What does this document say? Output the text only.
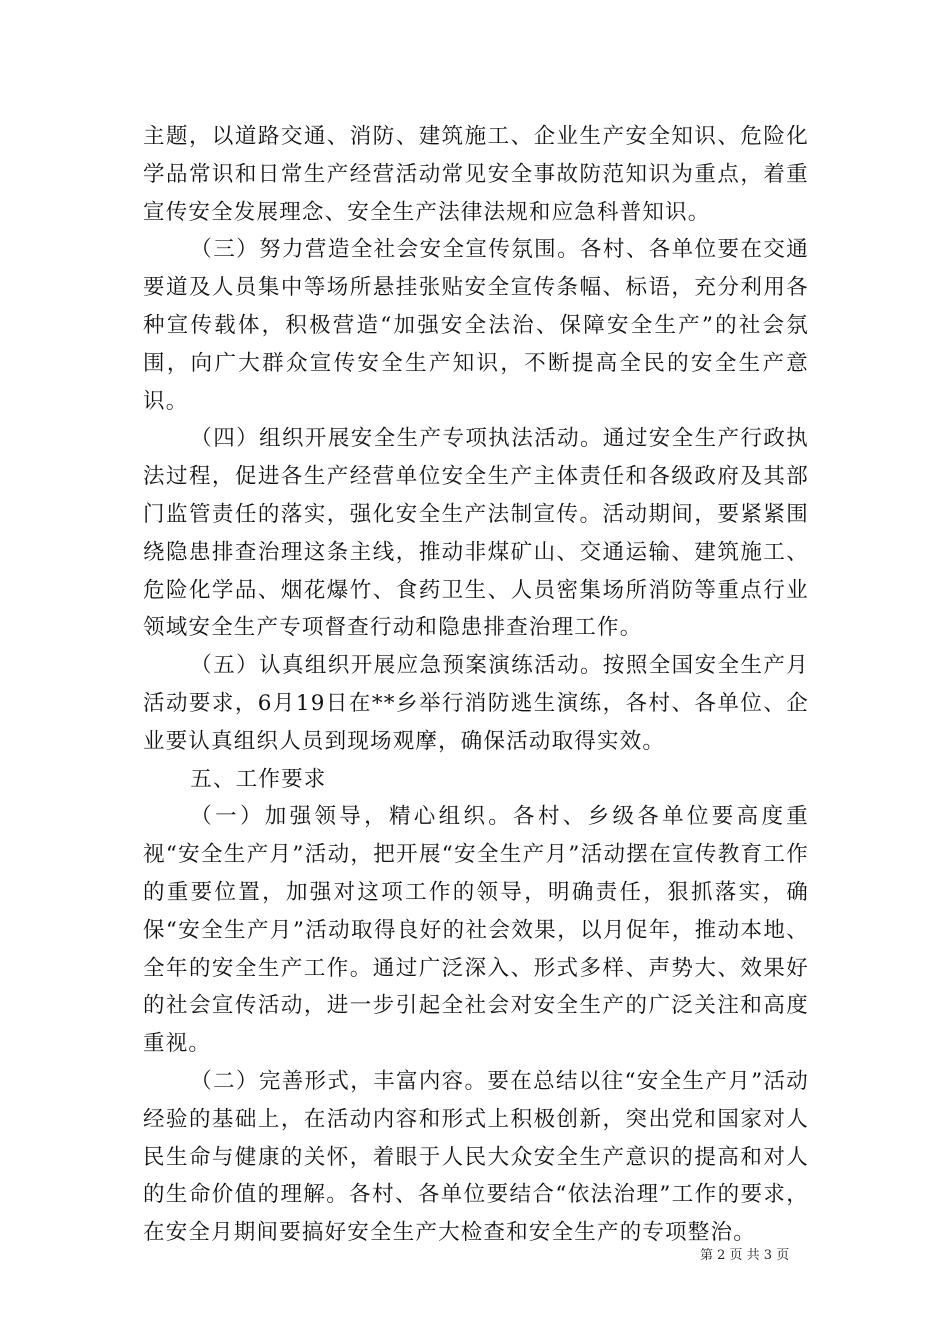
主题，以道路交通、消防、建筑施工、企业生产安全知识、危险化学品常识和日常生产经营活动常见安全事故防范知识为重点，着重宣传安全发展理念、安全生产法律法规和应急科普知识。

（三）努力营造全社会安全宣传氛围。各村、各单位要在交通要道及人员集中等场所悬挂张贴安全宣传条幅、标语，充分利用各种宣传载体，积极营造“加强安全法治、保障安全生产”的社会氛围，向广大群众宣传安全生产知识，不断提高全民的安全生产意识。

（四）组织开展安全生产专项执法活动。通过安全生产行政执法过程，促进各生产经营单位安全生产主体责任和各级政府及其部门监管责任的落实，强化安全生产法制宣传。活动期间，要紧紧围绕隐患排查治理这条主线，推动非煤矿山、交通运输、建筑施工、危险化学品、烟花爆竹、食药卫生、人员密集场所消防等重点行业领域安全生产专项督查行动和隐患排查治理工作。

（五）认真组织开展应急预案演练活动。按照全国安全生产月活动要求，6月19日在**乡举行消防逃生演练，各村、各单位、企业要认真组织人员到现场观摩，确保活动取得实效。

五、工作要求

（一）加强领导，精心组织。各村、乡级各单位要高度重视“安全生产月”活动，把开展“安全生产月”活动摆在宣传教育工作的重要位置，加强对这项工作的领导，明确责任，狠抓落实，确保“安全生产月”活动取得良好的社会效果，以月促年，推动本地、全年的安全生产工作。通过广泛深入、形式多样、声势大、效果好的社会宣传活动，进一步引起全社会对安全生产的广泛关注和高度重视。

（二）完善形式，丰富内容。要在总结以往“安全生产月”活动经验的基础上，在活动内容和形式上积极创新，突出党和国家对人民生命与健康的关怀，着眼于人民大众安全生产意识的提高和对人的生命价值的理解。各村、各单位要结合“依法治理”工作的要求，在安全月期间要搞好安全生产大检查和安全生产的专项整治。

第 2 页 共 3 页
